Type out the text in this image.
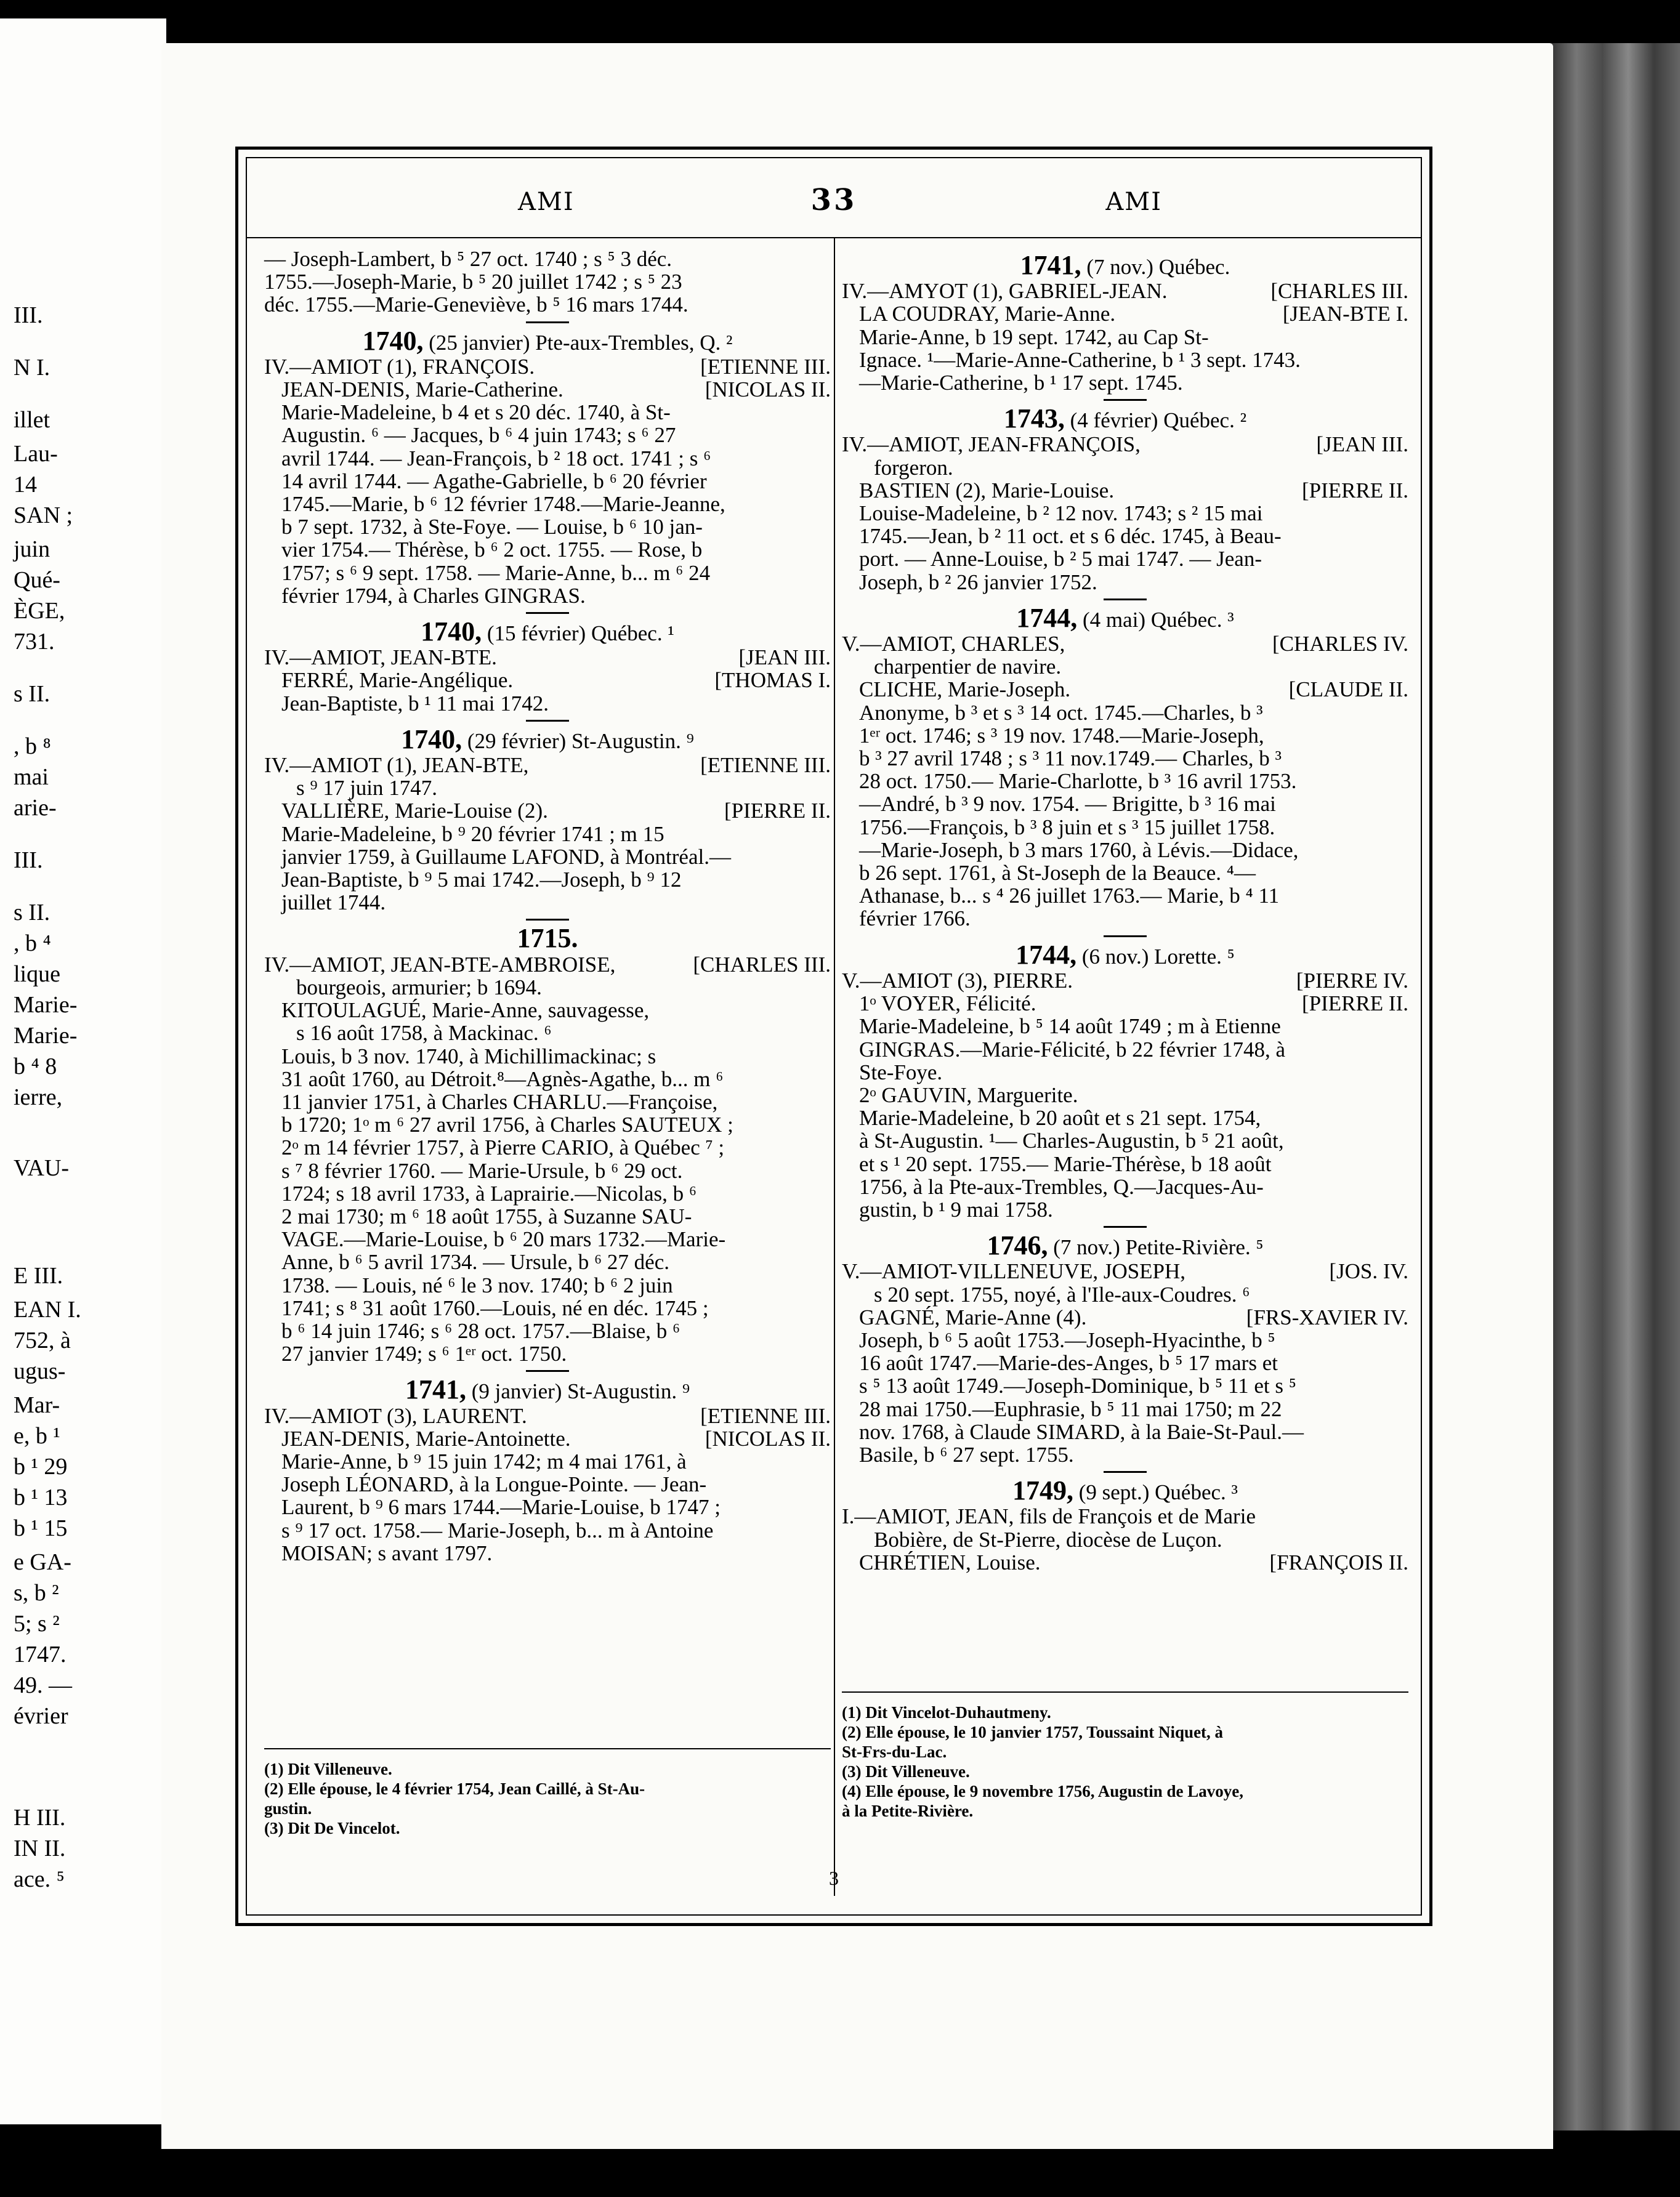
III.
N I.
illet
Lau-
14
SAN ;
juin
Qué-
ÈGE,
731.
s II.
, b ⁸
mai
arie-
III.
s II.
, b ⁴
lique
Marie-
Marie-
b ⁴ 8
ierre,
VAU-
E III.
EAN I.
752, à
ugus-
Mar-
e, b ¹
b ¹ 29
b ¹ 13
b ¹ 15
e GA-
s, b ²
5; s ²
1747.
49. —
évrier
H III.
IN II.
ace. ⁵
AMI	33	AMI

— Joseph-Lambert, b ⁵ 27 oct. 1740 ; s ⁵ 3 déc.

1755.—Joseph-Marie, b ⁵ 20 juillet 1742 ; s ⁵ 23

déc. 1755.—Marie-Geneviève, b ⁵ 16 mars 1744.

1740, (25 janvier) Pte-aux-Trembles, Q. ²
IV.—AMIOT (1), FRANÇOIS.	[ETIENNE III.
JEAN-DENIS, Marie-Catherine.	[NICOLAS II.

Marie-Madeleine, b 4 et s 20 déc. 1740, à St-

Augustin. ⁶ — Jacques, b ⁶ 4 juin 1743; s ⁶ 27

avril 1744. — Jean-François, b ² 18 oct. 1741 ; s ⁶

14 avril 1744. — Agathe-Gabrielle, b ⁶ 20 février

1745.—Marie, b ⁶ 12 février 1748.—Marie-Jeanne,

b 7 sept. 1732, à Ste-Foye. — Louise, b ⁶ 10 jan-

vier 1754.— Thérèse, b ⁶ 2 oct. 1755. — Rose, b

1757; s ⁶ 9 sept. 1758. — Marie-Anne, b... m ⁶ 24

février 1794, à Charles GINGRAS.

1740, (15 février) Québec. ¹
IV.—AMIOT, JEAN-BTE.	[JEAN III.
FERRÉ, Marie-Angélique.	[THOMAS I.

Jean-Baptiste, b ¹ 11 mai 1742.

1740, (29 février) St-Augustin. ⁹
IV.—AMIOT (1), JEAN-BTE,	[ETIENNE III.
s ⁹ 17 juin 1747.
VALLIÈRE, Marie-Louise (2).	[PIERRE II.

Marie-Madeleine, b ⁹ 20 février 1741 ; m 15

janvier 1759, à Guillaume LAFOND, à Montréal.—

Jean-Baptiste, b ⁹ 5 mai 1742.—Joseph, b ⁹ 12

juillet 1744.

1715.
IV.—AMIOT, JEAN-BTE-AMBROISE,	[CHARLES III.
bourgeois, armurier; b 1694.
KITOULAGUÉ, Marie-Anne, sauvagesse,
s 16 août 1758, à Mackinac. ⁶

Louis, b 3 nov. 1740, à Michillimackinac; s

31 août 1760, au Détroit.⁸—Agnès-Agathe, b... m ⁶

11 janvier 1751, à Charles CHARLU.—Françoise,

b 1720; 1ᵒ m ⁶ 27 avril 1756, à Charles SAUTEUX ;

2ᵒ m 14 février 1757, à Pierre CARIO, à Québec ⁷ ;

s ⁷ 8 février 1760. — Marie-Ursule, b ⁶ 29 oct.

1724; s 18 avril 1733, à Laprairie.—Nicolas, b ⁶

2 mai 1730; m ⁶ 18 août 1755, à Suzanne SAU-

VAGE.—Marie-Louise, b ⁶ 20 mars 1732.—Marie-

Anne, b ⁶ 5 avril 1734. — Ursule, b ⁶ 27 déc.

1738. — Louis, né ⁶ le 3 nov. 1740; b ⁶ 2 juin

1741; s ⁸ 31 août 1760.—Louis, né en déc. 1745 ;

b ⁶ 14 juin 1746; s ⁶ 28 oct. 1757.—Blaise, b ⁶

27 janvier 1749; s ⁶ 1ᵉʳ oct. 1750.

1741, (9 janvier) St-Augustin. ⁹
IV.—AMIOT (3), LAURENT.	[ETIENNE III.
JEAN-DENIS, Marie-Antoinette.	[NICOLAS II.

Marie-Anne, b ⁹ 15 juin 1742; m 4 mai 1761, à

Joseph LÉONARD, à la Longue-Pointe. — Jean-

Laurent, b ⁹ 6 mars 1744.—Marie-Louise, b 1747 ;

s ⁹ 17 oct. 1758.— Marie-Joseph, b... m à Antoine

MOISAN; s avant 1797.

(1) Dit Villeneuve.

(2) Elle épouse, le 4 février 1754, Jean Caillé, à St-Au-

gustin.

(3) Dit De Vincelot.

1741, (7 nov.) Québec.
IV.—AMYOT (1), GABRIEL-JEAN.	[CHARLES III.
LA COUDRAY, Marie-Anne.	[JEAN-BTE I.

Marie-Anne, b 19 sept. 1742, au Cap St-

Ignace. ¹—Marie-Anne-Catherine, b ¹ 3 sept. 1743.

—Marie-Catherine, b ¹ 17 sept. 1745.

1743, (4 février) Québec. ²
IV.—AMIOT, JEAN-FRANÇOIS,	[JEAN III.
forgeron.
BASTIEN (2), Marie-Louise.	[PIERRE II.

Louise-Madeleine, b ² 12 nov. 1743; s ² 15 mai

1745.—Jean, b ² 11 oct. et s 6 déc. 1745, à Beau-

port. — Anne-Louise, b ² 5 mai 1747. — Jean-

Joseph, b ² 26 janvier 1752.

1744, (4 mai) Québec. ³
V.—AMIOT, CHARLES,	[CHARLES IV.
charpentier de navire.
CLICHE, Marie-Joseph.	[CLAUDE II.

Anonyme, b ³ et s ³ 14 oct. 1745.—Charles, b ³

1ᵉʳ oct. 1746; s ³ 19 nov. 1748.—Marie-Joseph,

b ³ 27 avril 1748 ; s ³ 11 nov.1749.— Charles, b ³

28 oct. 1750.— Marie-Charlotte, b ³ 16 avril 1753.

—André, b ³ 9 nov. 1754. — Brigitte, b ³ 16 mai

1756.—François, b ³ 8 juin et s ³ 15 juillet 1758.

—Marie-Joseph, b 3 mars 1760, à Lévis.—Didace,

b 26 sept. 1761, à St-Joseph de la Beauce. ⁴—

Athanase, b... s ⁴ 26 juillet 1763.— Marie, b ⁴ 11

février 1766.

1744, (6 nov.) Lorette. ⁵
V.—AMIOT (3), PIERRE.	[PIERRE IV.
1ᵒ VOYER, Félicité.	[PIERRE II.

Marie-Madeleine, b ⁵ 14 août 1749 ; m à Etienne

GINGRAS.—Marie-Félicité, b 22 février 1748, à

Ste-Foye.

2ᵒ GAUVIN, Marguerite.

Marie-Madeleine, b 20 août et s 21 sept. 1754,

à St-Augustin. ¹— Charles-Augustin, b ⁵ 21 août,

et s ¹ 20 sept. 1755.— Marie-Thérèse, b 18 août

1756, à la Pte-aux-Trembles, Q.—Jacques-Au-

gustin, b ¹ 9 mai 1758.

1746, (7 nov.) Petite-Rivière. ⁵
V.—AMIOT-VILLENEUVE, JOSEPH,	[JOS. IV.
s 20 sept. 1755, noyé, à l'Ile-aux-Coudres. ⁶
GAGNÉ, Marie-Anne (4).	[FRS-XAVIER IV.

Joseph, b ⁶ 5 août 1753.—Joseph-Hyacinthe, b ⁵

16 août 1747.—Marie-des-Anges, b ⁵ 17 mars et

s ⁵ 13 août 1749.—Joseph-Dominique, b ⁵ 11 et s ⁵

28 mai 1750.—Euphrasie, b ⁵ 11 mai 1750; m 22

nov. 1768, à Claude SIMARD, à la Baie-St-Paul.—

Basile, b ⁶ 27 sept. 1755.

1749, (9 sept.) Québec. ³
I.—AMIOT, JEAN, fils de François et de Marie
Bobière, de St-Pierre, diocèse de Luçon.
CHRÉTIEN, Louise.	[FRANÇOIS II.

(1) Dit Vincelot-Duhautmeny.

(2) Elle épouse, le 10 janvier 1757, Toussaint Niquet, à

St-Frs-du-Lac.

(3) Dit Villeneuve.

(4) Elle épouse, le 9 novembre 1756, Augustin de Lavoye,

à la Petite-Rivière.

3
